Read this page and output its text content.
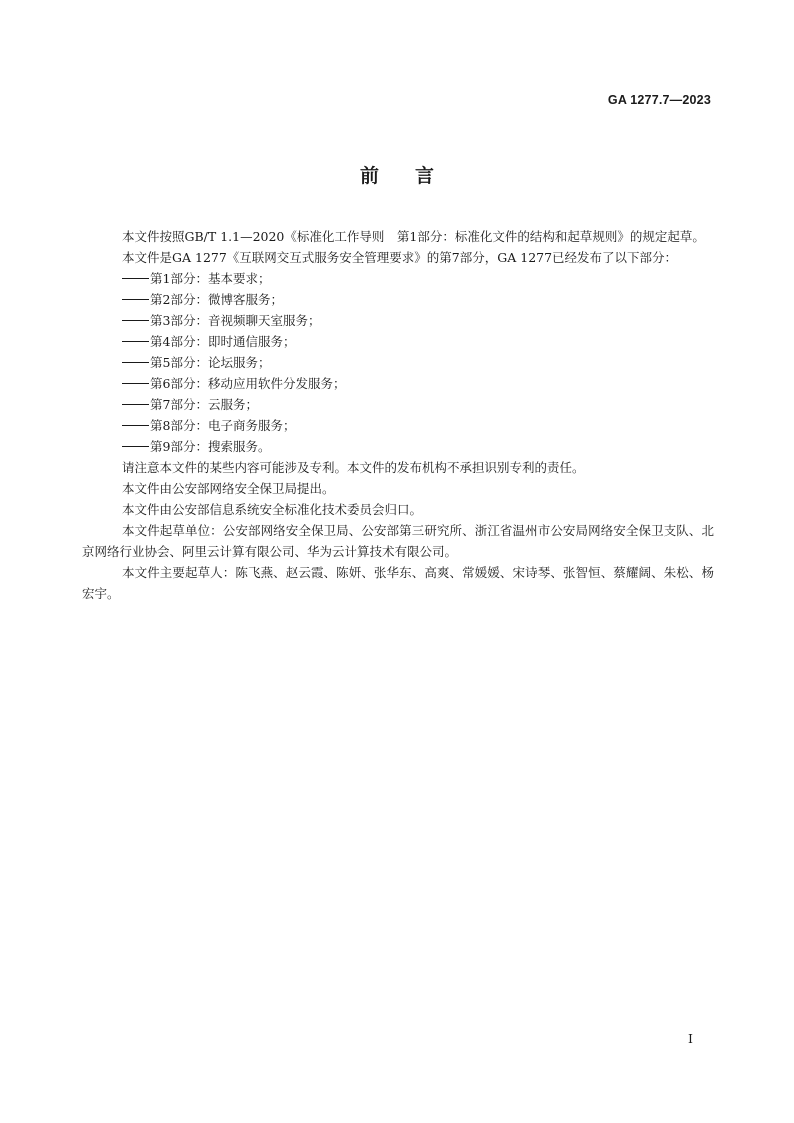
GA 1277.7—2023
前言

本文件按照GB/T 1.1—2020《标准化工作导则　第1部分：标准化文件的结构和起草规则》的规定起草。

本文件是GA 1277《互联网交互式服务安全管理要求》的第7部分，GA 1277已经发布了以下部分：

第1部分：基本要求；

第2部分：微博客服务；

第3部分：音视频聊天室服务；

第4部分：即时通信服务；

第5部分：论坛服务；

第6部分：移动应用软件分发服务；

第7部分：云服务；

第8部分：电子商务服务；

第9部分：搜索服务。

请注意本文件的某些内容可能涉及专利。本文件的发布机构不承担识别专利的责任。

本文件由公安部网络安全保卫局提出。

本文件由公安部信息系统安全标准化技术委员会归口。

本文件起草单位：公安部网络安全保卫局、公安部第三研究所、浙江省温州市公安局网络安全保卫支队、北京网络行业协会、阿里云计算有限公司、华为云计算技术有限公司。

本文件主要起草人：陈飞燕、赵云霞、陈妍、张华东、高爽、常媛媛、宋诗琴、张智恒、蔡耀阔、朱松、杨宏宇。

I
